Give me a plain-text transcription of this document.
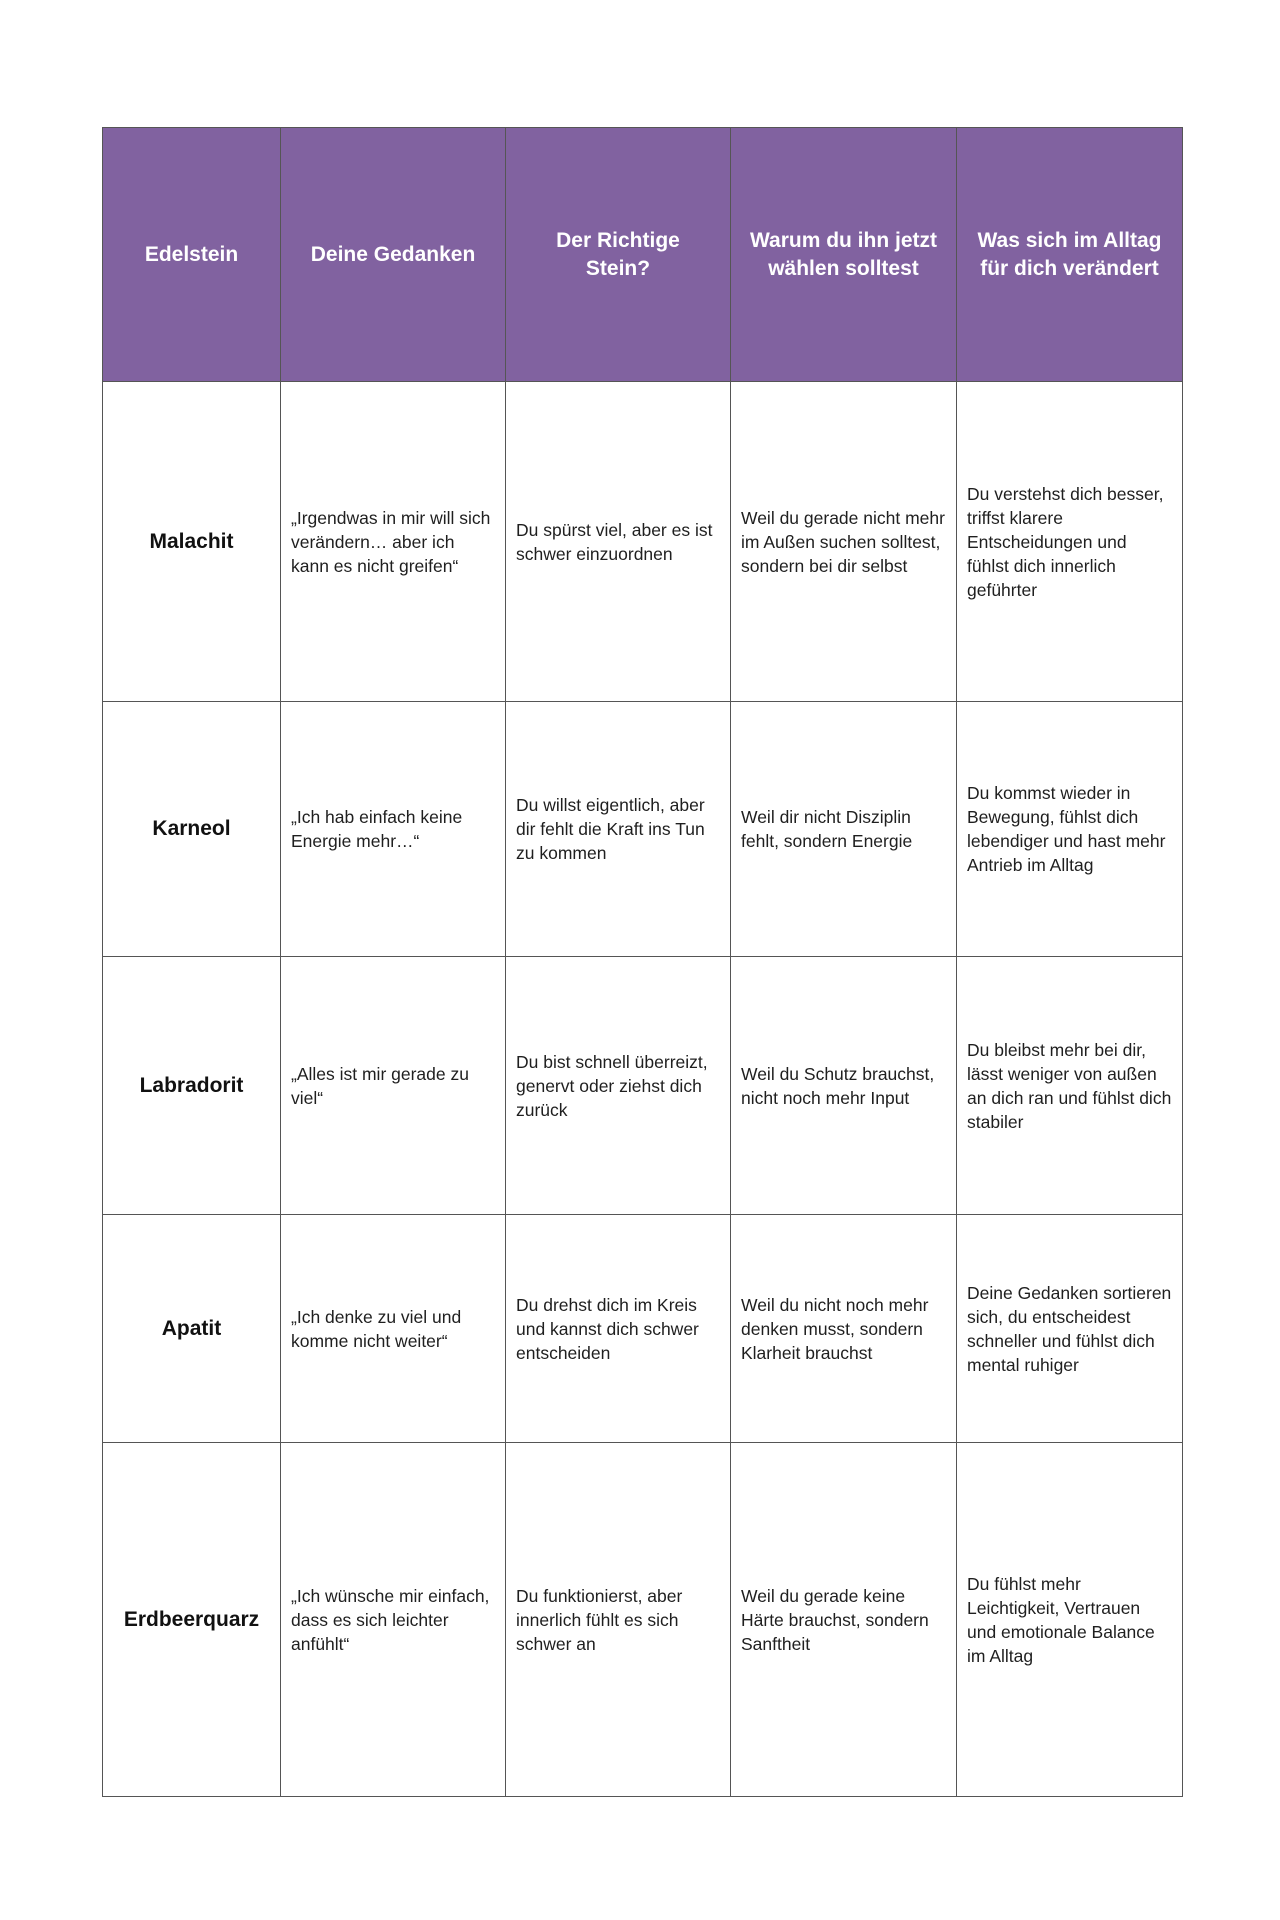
Edelstein	Deine Gedanken	Der Richtige Stein?	Warum du ihn jetzt wählen solltest	Was sich im Alltag für dich verändert
Malachit	„Irgendwas in mir will sich verändern… aber ich kann es nicht greifen“	Du spürst viel, aber es ist schwer einzuordnen	Weil du gerade nicht mehr im Außen suchen solltest, sondern bei dir selbst	Du verstehst dich besser, triffst klarere Entscheidungen und fühlst dich innerlich geführter
Karneol	„Ich hab einfach keine Energie mehr…“	Du willst eigentlich, aber dir fehlt die Kraft ins Tun zu kommen	Weil dir nicht Disziplin fehlt, sondern Energie	Du kommst wieder in Bewegung, fühlst dich lebendiger und hast mehr Antrieb im Alltag
Labradorit	„Alles ist mir gerade zu viel“	Du bist schnell überreizt, genervt oder ziehst dich zurück	Weil du Schutz brauchst, nicht noch mehr Input	Du bleibst mehr bei dir, lässt weniger von außen an dich ran und fühlst dich stabiler
Apatit	„Ich denke zu viel und komme nicht weiter“	Du drehst dich im Kreis und kannst dich schwer entscheiden	Weil du nicht noch mehr denken musst, sondern Klarheit brauchst	Deine Gedanken sortieren sich, du entscheidest schneller und fühlst dich mental ruhiger
Erdbeerquarz	„Ich wünsche mir einfach, dass es sich leichter anfühlt“	Du funktionierst, aber innerlich fühlt es sich schwer an	Weil du gerade keine Härte brauchst, sondern Sanftheit	Du fühlst mehr Leichtigkeit, Vertrauen und emotionale Balance im Alltag
